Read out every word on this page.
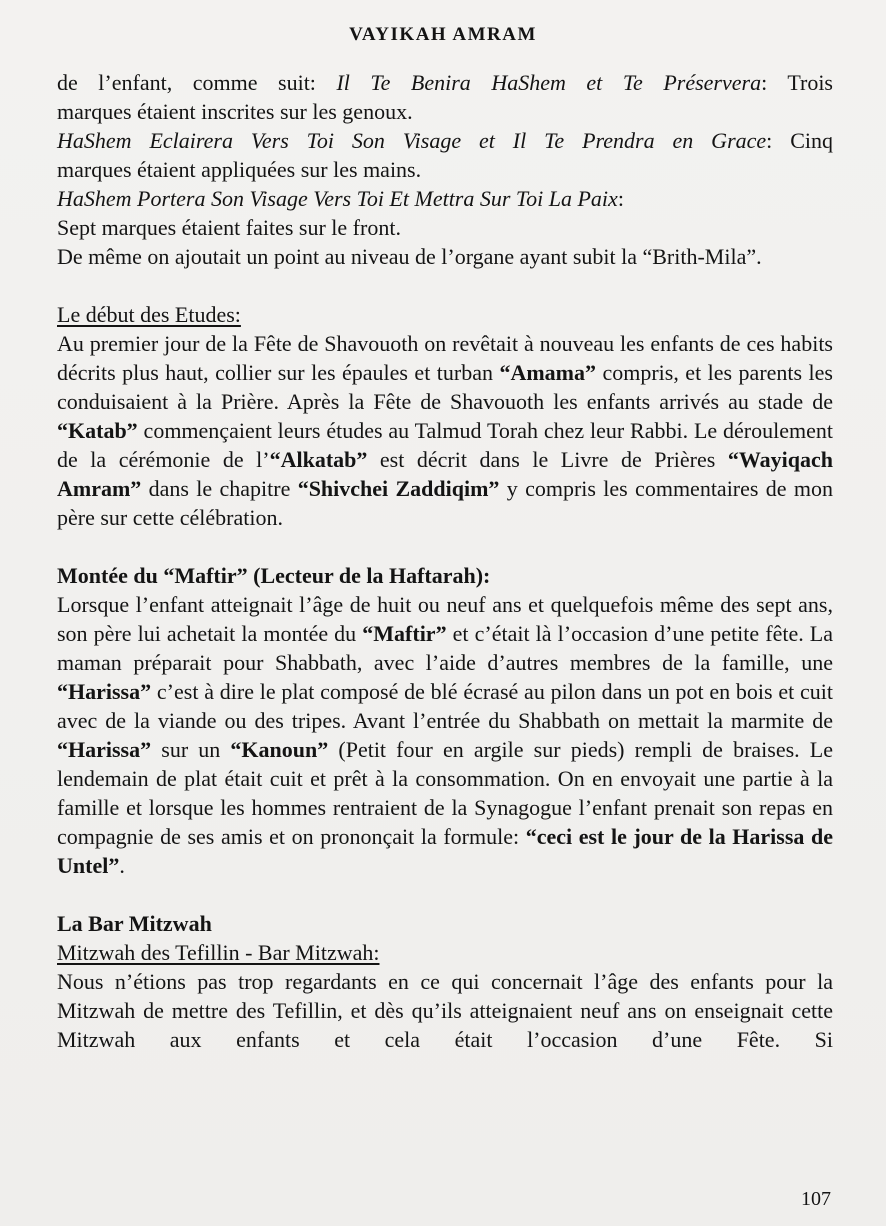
VAYIKAH AMRAM

de l’enfant, comme suit: Il Te Benira HaShem et Te Préservera: Trois

marques étaient inscrites sur les genoux.

HaShem Eclairera Vers Toi Son Visage et Il Te Prendra en Grace: Cinq

marques étaient appliquées sur les mains.

HaShem Portera Son Visage Vers Toi Et Mettra Sur Toi La Paix:

Sept marques étaient faites sur le front.

De même on ajoutait un point au niveau de l’organe ayant subit la “Brith-Mila”.

Le début des Etudes:

Au premier jour de la Fête de Shavouoth on revêtait à nouveau les enfants de ces habits décrits plus haut, collier sur les épaules et turban “Amama” compris, et les parents les conduisaient à la Prière. Après la Fête de Shavouoth les enfants arrivés au stade de “Katab” commençaient leurs études au Talmud Torah chez leur Rabbi. Le déroulement de la cérémonie de l’“Alkatab” est décrit dans le Livre de Prières “Wayiqach Amram” dans le chapitre “Shivchei Zaddiqim” y compris les commentaires de mon père sur cette célébration.

Montée du “Maftir” (Lecteur de la Haftarah):

Lorsque l’enfant atteignait l’âge de huit ou neuf ans et quelquefois même des sept ans, son père lui achetait la montée du “Maftir” et c’était là l’occasion d’une petite fête. La maman préparait pour Shabbath, avec l’aide d’autres membres de la famille, une “Harissa” c’est à dire le plat composé de blé écrasé au pilon dans un pot en bois et cuit avec de la viande ou des tripes. Avant l’entrée du Shabbath on mettait la marmite de “Harissa” sur un “Kanoun” (Petit four en argile sur pieds) rempli de braises. Le lendemain de plat était cuit et prêt à la consommation. On en envoyait une partie à la famille et lorsque les hommes rentraient de la Synagogue l’enfant prenait son repas en compagnie de ses amis et on prononçait la formule: “ceci est le jour de la Harissa de Untel”.

La Bar Mitzwah

Mitzwah des Tefillin - Bar Mitzwah:

Nous n’étions pas trop regardants en ce qui concernait l’âge des enfants pour la Mitzwah de mettre des Tefillin, et dès qu’ils atteignaient neuf ans on enseignait cette Mitzwah aux enfants et cela était l’occasion d’une Fête. Si

107
